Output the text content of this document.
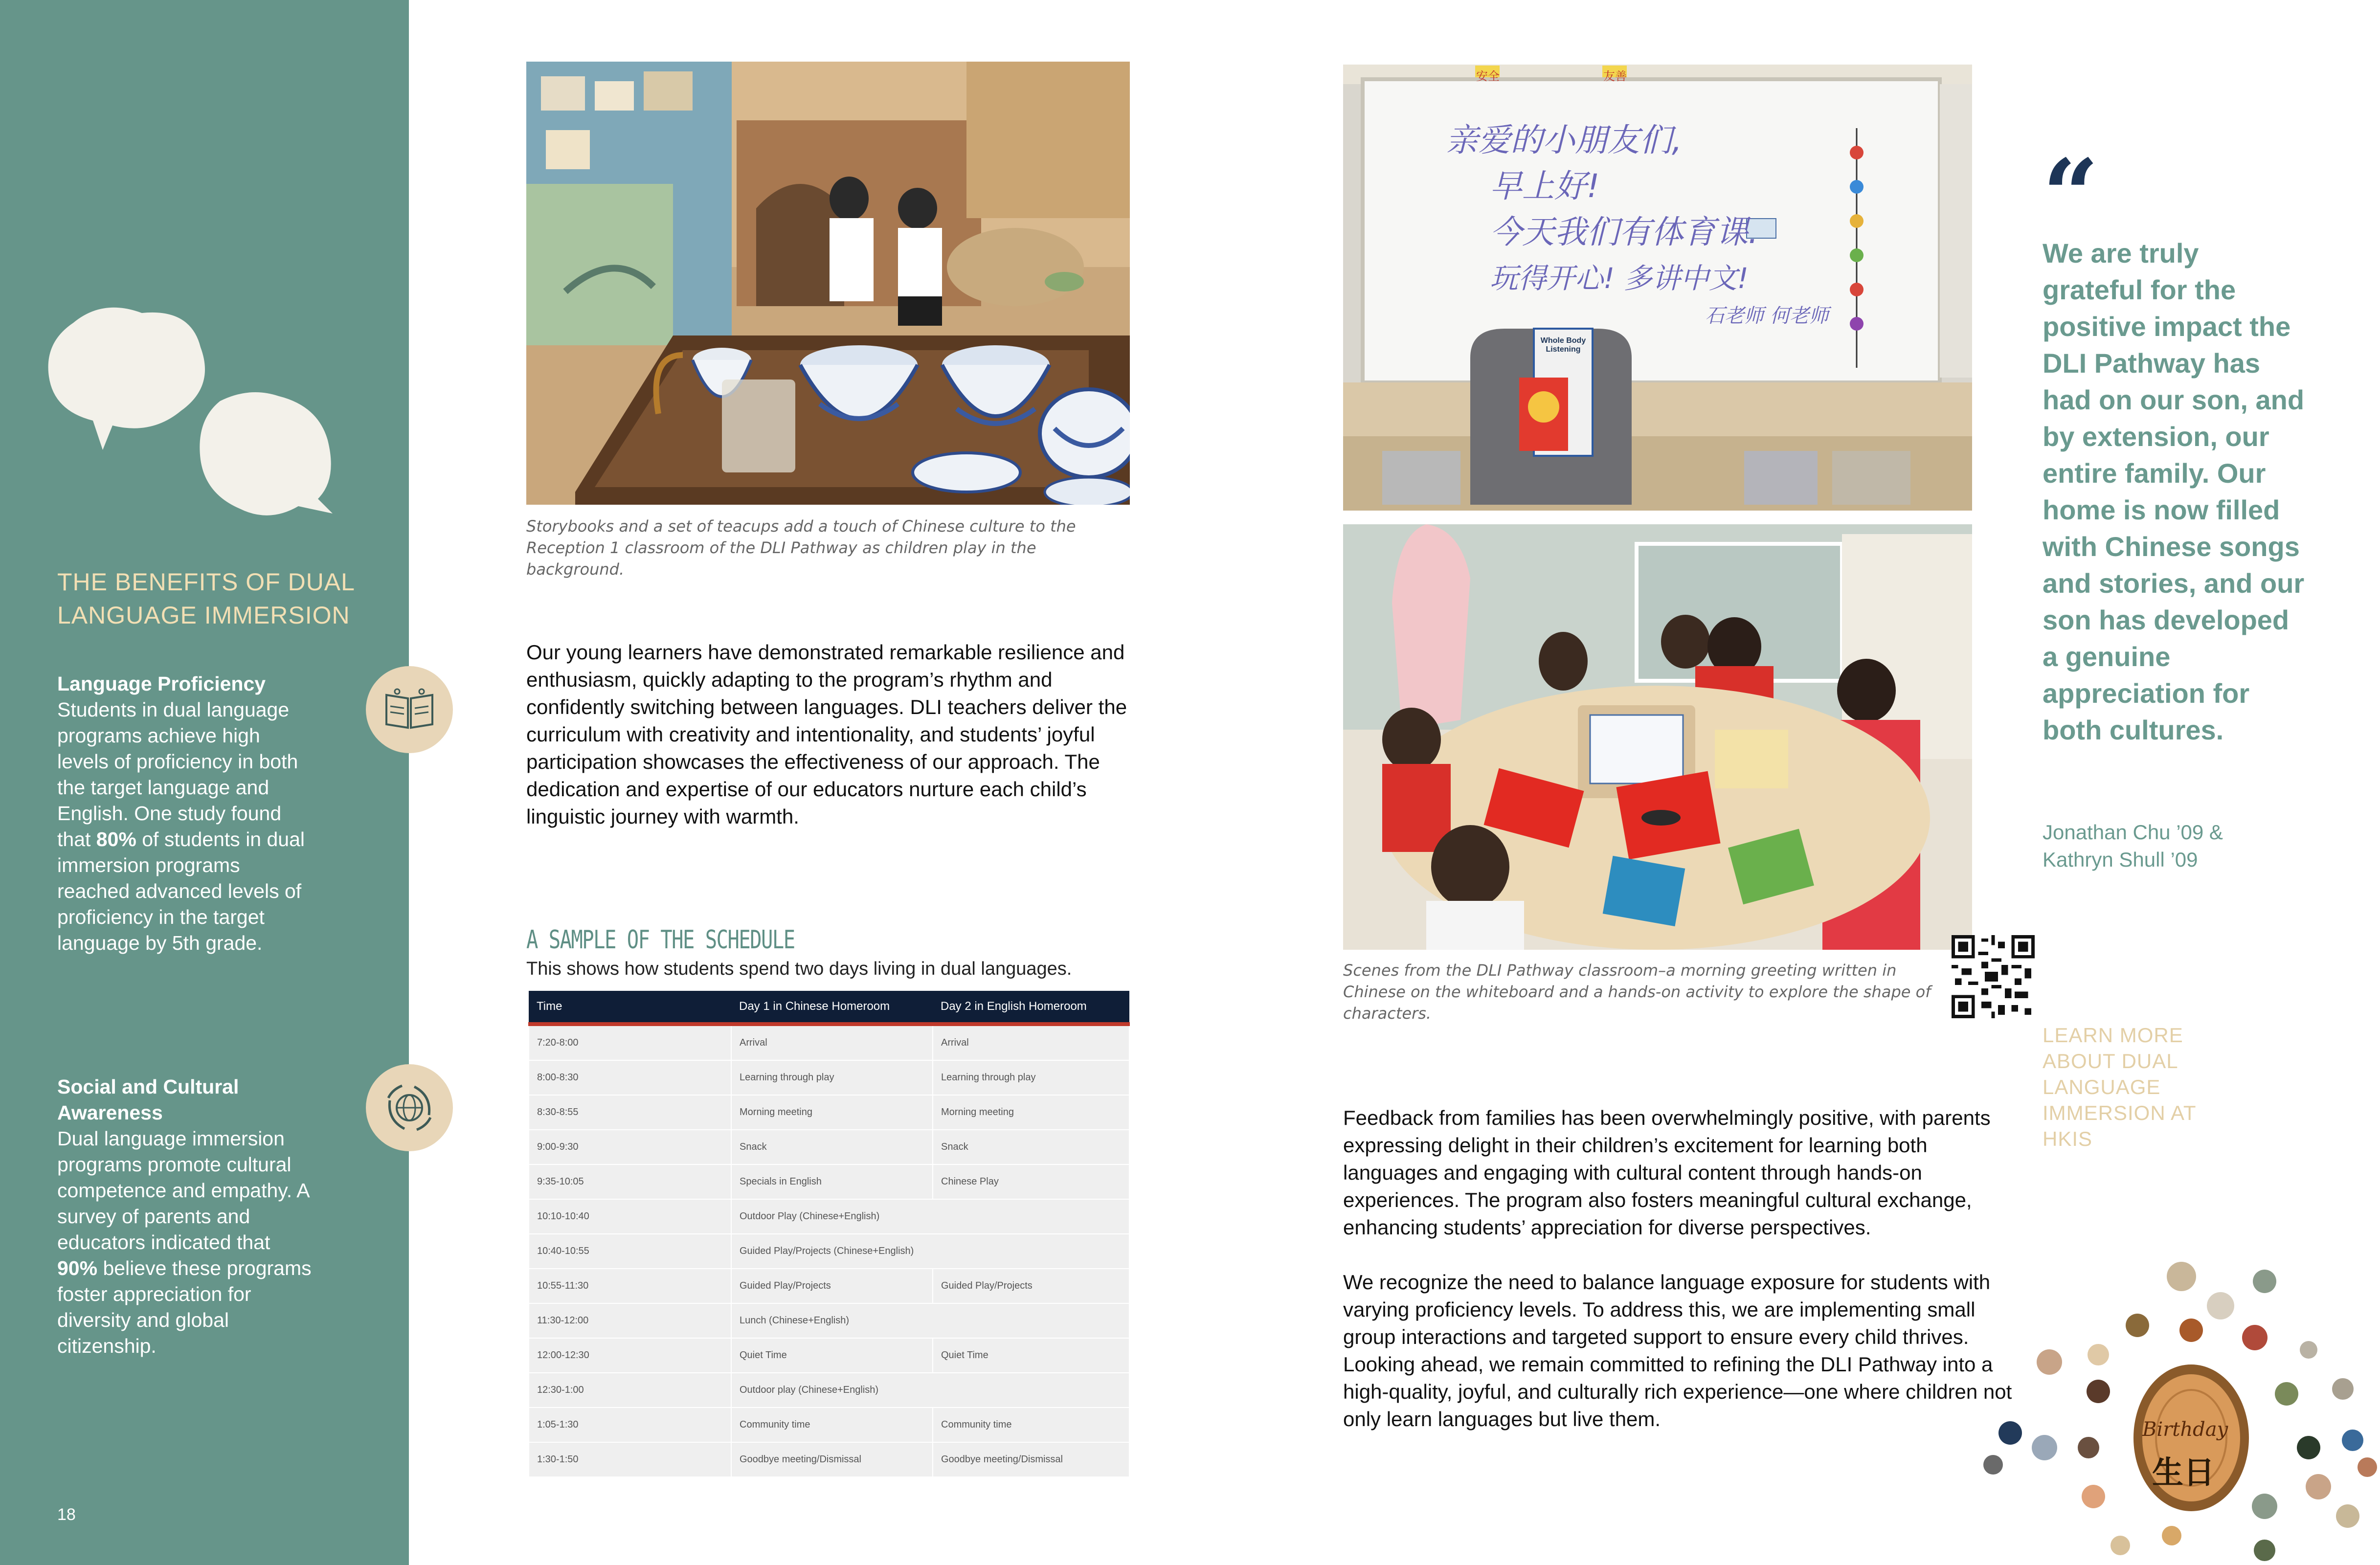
THE BENEFITS OF DUAL LANGUAGE IMMERSION
Language Proficiency
Students in dual language programs achieve high levels of proficiency in both the target language and English. One study found that 80% of students in dual immersion programs reached advanced levels of proficiency in the target language by 5th grade.
Social and Cultural Awareness
Dual language immersion programs promote cultural competence and empathy. A survey of parents and educators indicated that 90% believe these programs foster appreciation for diversity and global citizenship.
18
Storybooks and a set of teacups add a touch of Chinese culture to the Reception 1 classroom of the DLI Pathway as children play in the background.
Our young learners have demonstrated remarkable resilience and enthusiasm, quickly adapting to the program’s rhythm and confidently switching between languages. DLI teachers deliver the curriculum with creativity and intentionality, and students’ joyful participation showcases the effectiveness of our approach. The dedication and expertise of our educators nurture each child’s linguistic journey with warmth.
A SAMPLE OF THE SCHEDULE
This shows how students spend two days living in dual languages.
Time	Day 1 in Chinese Homeroom	Day 2 in English Homeroom
7:20-8:00	Arrival	Arrival
8:00-8:30	Learning through play	Learning through play
8:30-8:55	Morning meeting	Morning meeting
9:00-9:30	Snack	Snack
9:35-10:05	Specials in English	Chinese Play
10:10-10:40	Outdoor Play (Chinese+English)	
10:40-10:55	Guided Play/Projects (Chinese+English)	
10:55-11:30	Guided Play/Projects	Guided Play/Projects
11:30-12:00	Lunch (Chinese+English)	
12:00-12:30	Quiet Time	Quiet Time
12:30-1:00	Outdoor play (Chinese+English)	
1:05-1:30	Community time	Community time
1:30-1:50	Goodbye meeting/Dismissal	Goodbye meeting/Dismissal
亲爱的小朋友们,
早上好!
今天我们有体育课.
玩得开心! 多讲中文!
石老师 何老师
Whole Body Listening
安全	友善
Scenes from the DLI Pathway classroom–a morning greeting written in Chinese on the whiteboard and a hands-on activity to explore the shape of characters.
Feedback from families has been overwhelmingly positive, with parents expressing delight in their children’s excitement for learning both languages and engaging with cultural content through hands-on experiences. The program also fosters meaningful cultural exchange, enhancing students’ appreciation for diverse perspectives.
We recognize the need to balance language exposure for students with varying proficiency levels. To address this, we are implementing small group interactions and targeted support to ensure every child thrives. Looking ahead, we remain committed to refining the DLI Pathway into a high-quality, joyful, and culturally rich experience—one where children not only learn languages but live them.
“
We are truly grateful for the positive impact the DLI Pathway has had on our son, and by extension, our entire family. Our home is now filled with Chinese songs and stories, and our son has developed a genuine appreciation for both cultures.
Jonathan Chu ’09 &
Kathryn Shull ’09
LEARN MORE ABOUT DUAL LANGUAGE IMMERSION AT HKIS
Birthday
生日
